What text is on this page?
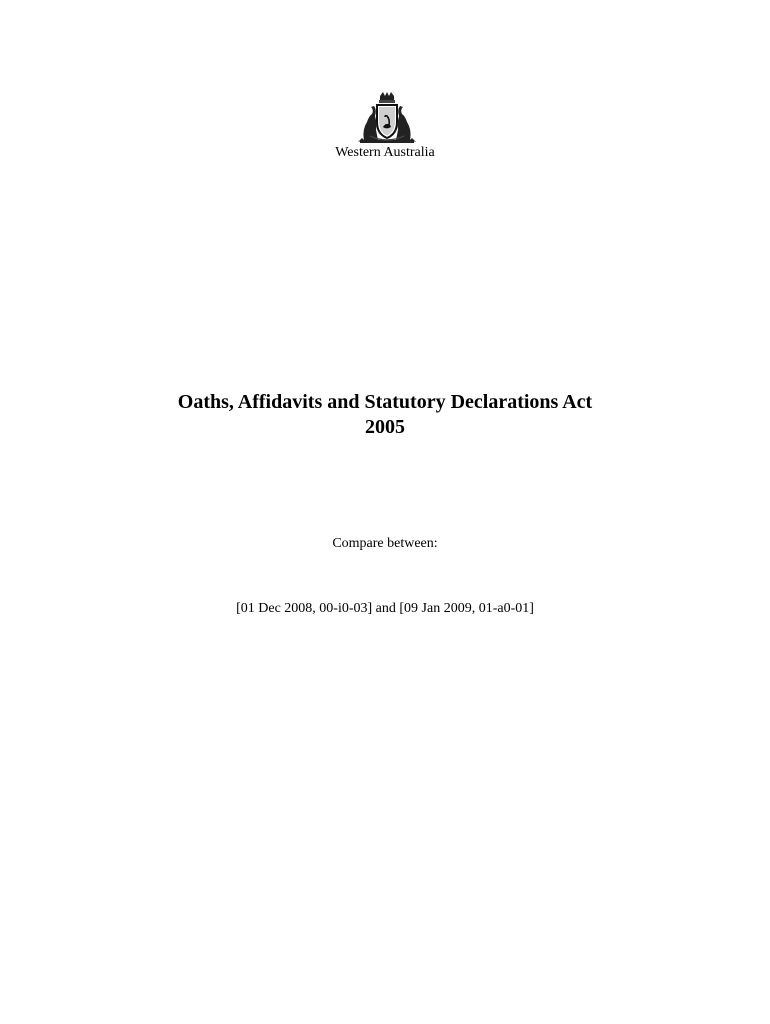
Western Australia
Oaths, Affidavits and Statutory Declarations Act
2005
Compare between:
[01 Dec 2008, 00-i0-03] and [09 Jan 2009, 01-a0-01]
